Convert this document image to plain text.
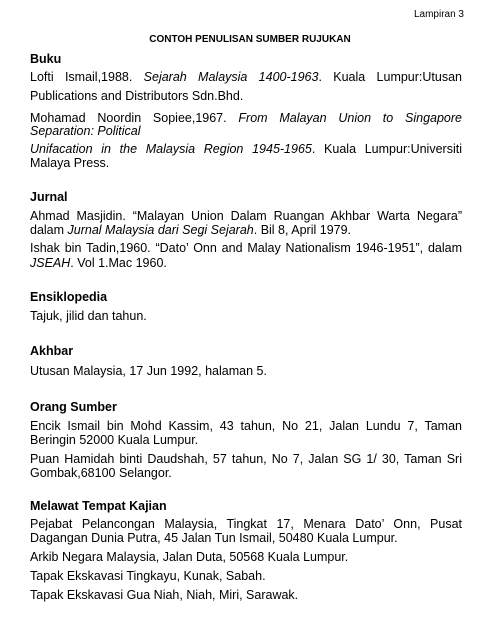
Lampiran 3
CONTOH PENULISAN SUMBER RUJUKAN
Buku
Lofti Ismail,1988. Sejarah Malaysia 1400-1963. Kuala Lumpur:Utusan
Publications and Distributors Sdn.Bhd.
Mohamad Noordin Sopiee,1967. From Malayan Union to Singapore
Separation: Political
Unifacation in the Malaysia Region 1945-1965. Kuala Lumpur:Universiti
Malaya Press.
Jurnal
Ahmad Masjidin. “Malayan Union Dalam Ruangan Akhbar Warta Negara”
dalam Jurnal Malaysia dari Segi Sejarah. Bil 8, April 1979.
Ishak bin Tadin,1960. “Dato’ Onn and Malay Nationalism 1946-1951”, dalam
JSEAH. Vol 1.Mac 1960.
Ensiklopedia
Tajuk, jilid dan tahun.
Akhbar
Utusan Malaysia, 17 Jun 1992, halaman 5.
Orang Sumber
Encik Ismail bin Mohd Kassim, 43 tahun, No 21, Jalan Lundu 7, Taman
Beringin 52000 Kuala Lumpur.
Puan Hamidah binti Daudshah, 57 tahun, No 7, Jalan SG 1/ 30, Taman Sri
Gombak,68100 Selangor.
Melawat Tempat Kajian
Pejabat Pelancongan Malaysia, Tingkat 17, Menara Dato’ Onn, Pusat
Dagangan Dunia Putra, 45 Jalan Tun Ismail, 50480 Kuala Lumpur.
Arkib Negara Malaysia, Jalan Duta, 50568 Kuala Lumpur.
Tapak Ekskavasi Tingkayu, Kunak, Sabah.
Tapak Ekskavasi Gua Niah, Niah, Miri, Sarawak.
